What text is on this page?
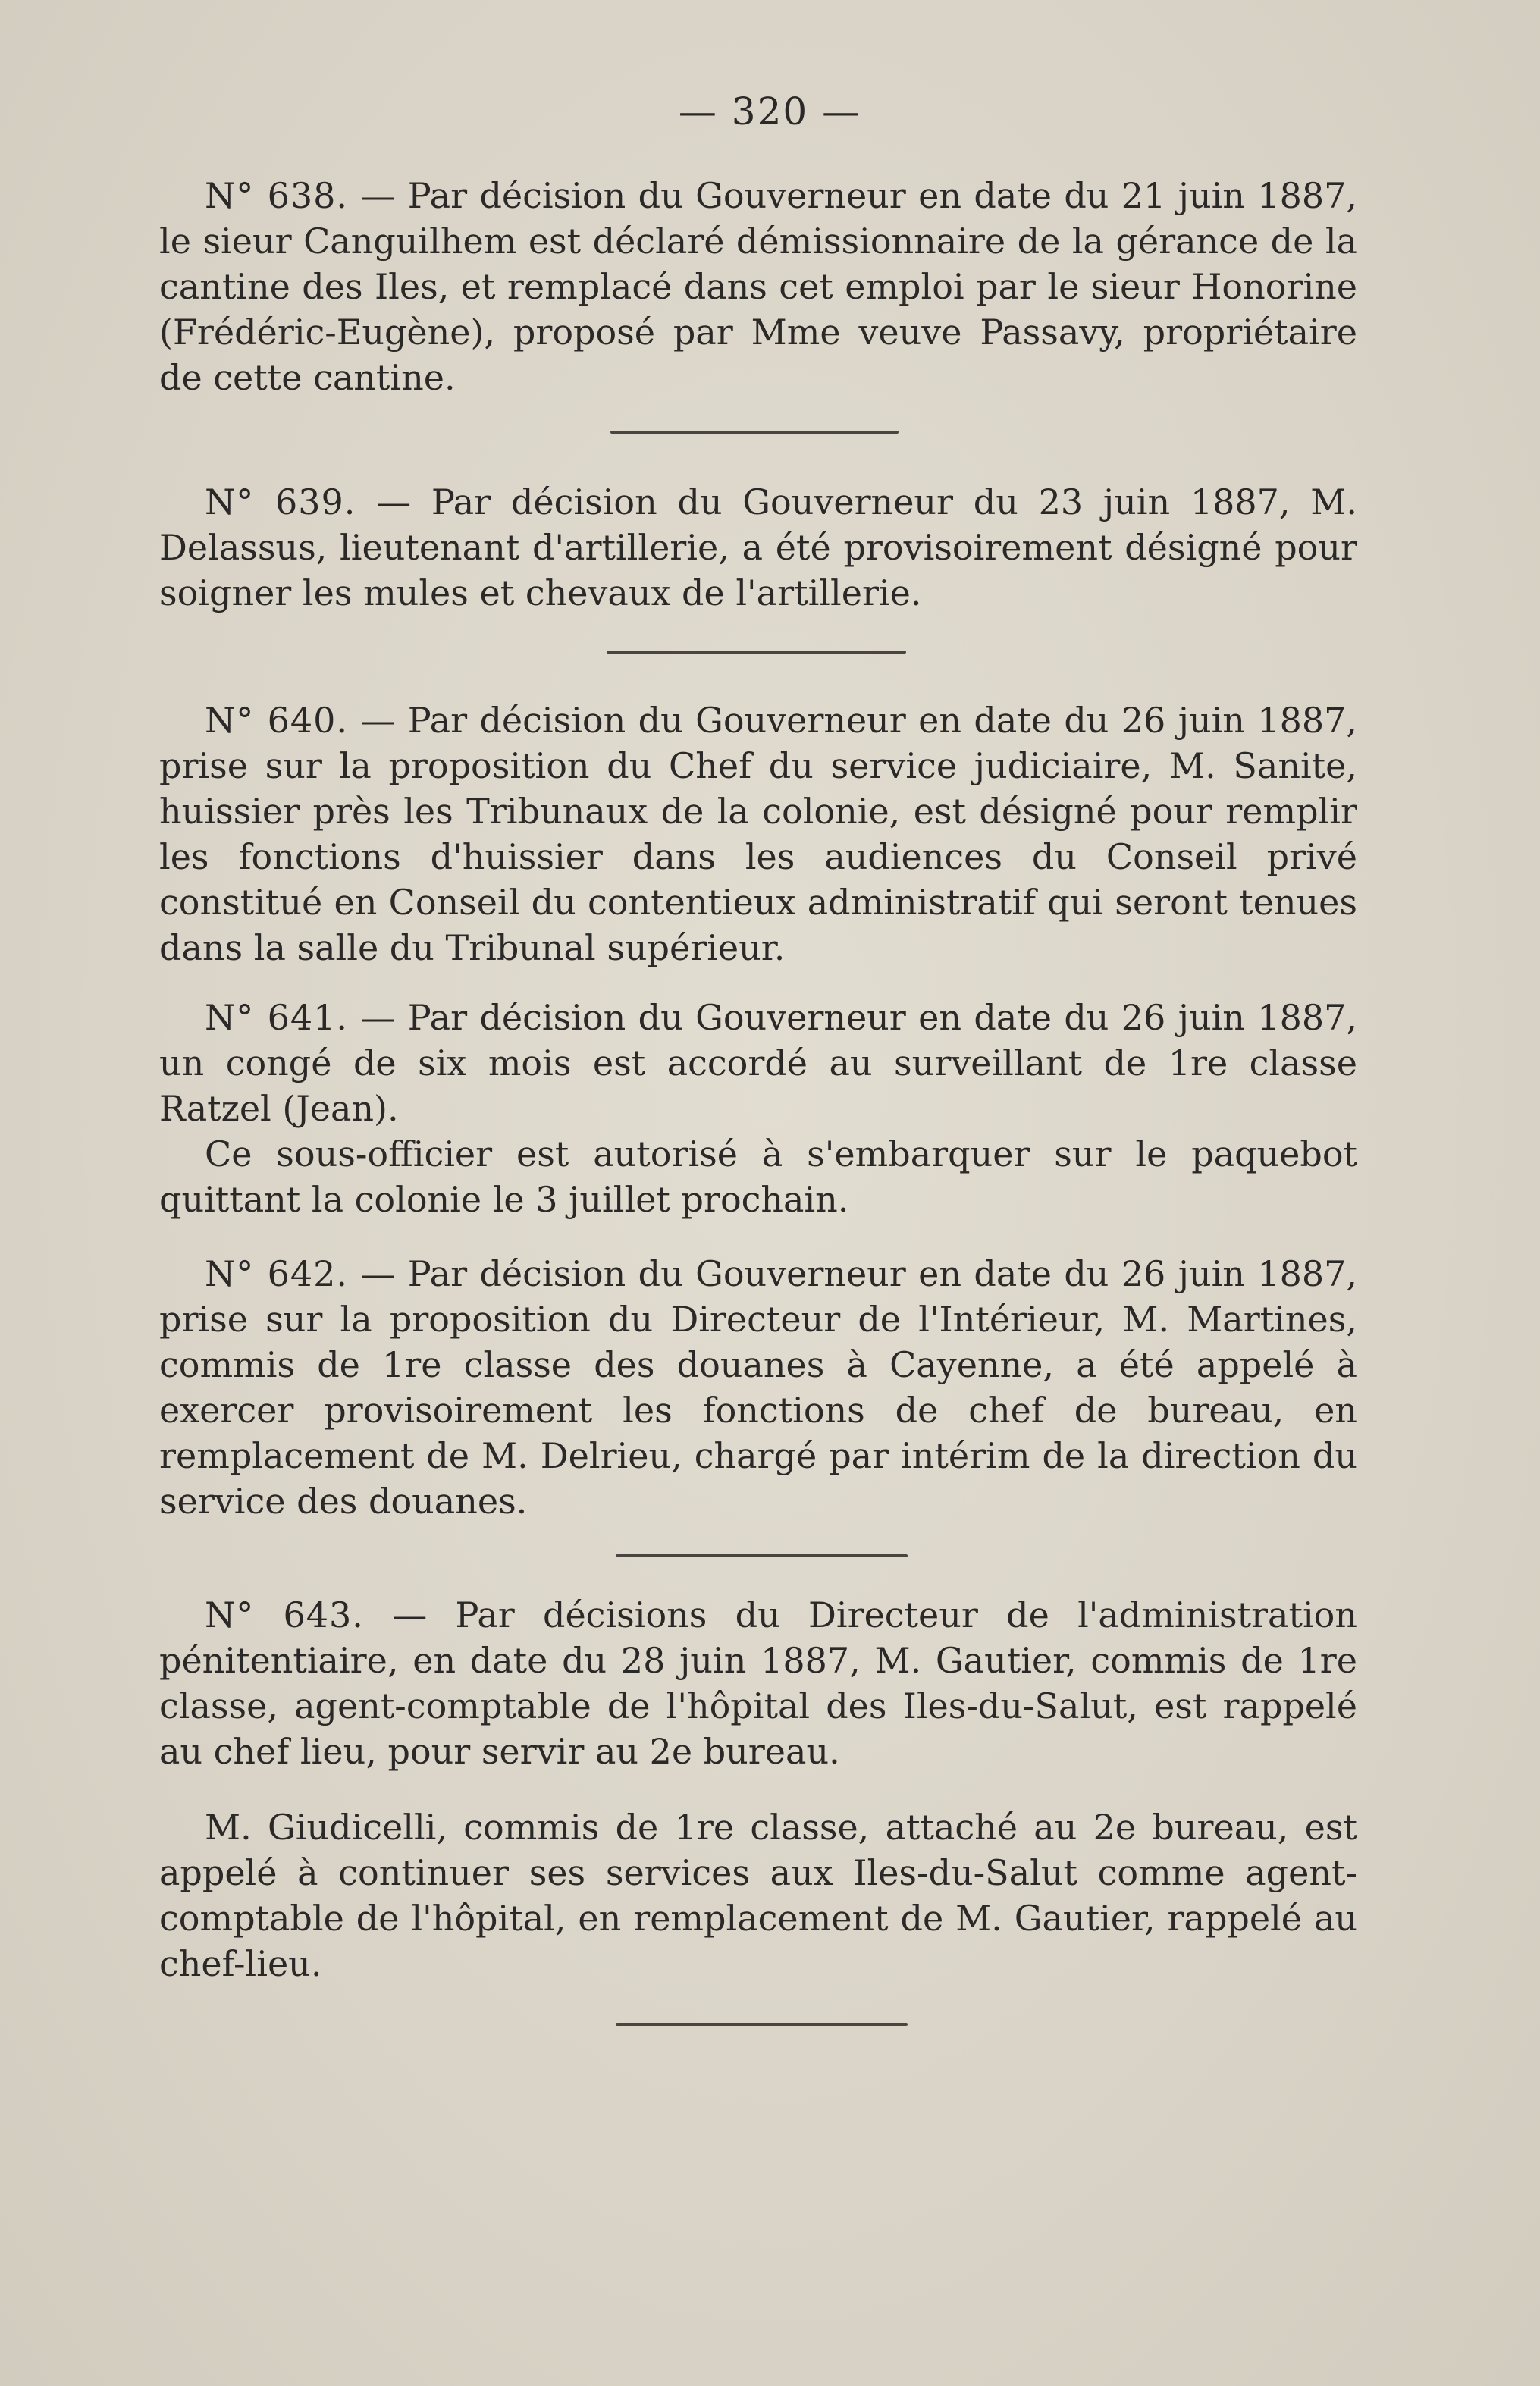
— 320 —

N° 638. — Par décision du Gouverneur en date du 21 juin 1887, le sieur Canguilhem est déclaré démissionnaire de la gérance de la cantine des Iles, et remplacé dans cet emploi par le sieur Honorine (Frédéric-Eugène), proposé par Mme veuve Passavy, propriétaire de cette cantine.

N° 639. — Par décision du Gouverneur du 23 juin 1887, M. Delassus, lieutenant d'artillerie, a été provisoirement désigné pour soigner les mules et chevaux de l'artillerie.

N° 640. — Par décision du Gouverneur en date du 26 juin 1887, prise sur la proposition du Chef du service judiciaire, M. Sanite, huissier près les Tribunaux de la colonie, est désigné pour remplir les fonctions d'huissier dans les audiences du Conseil privé constitué en Conseil du contentieux administratif qui seront tenues dans la salle du Tribunal supérieur.

N° 641. — Par décision du Gouverneur en date du 26 juin 1887, un congé de six mois est accordé au surveillant de 1re classe Ratzel (Jean).

Ce sous-officier est autorisé à s'embarquer sur le paquebot quittant la colonie le 3 juillet prochain.

N° 642. — Par décision du Gouverneur en date du 26 juin 1887, prise sur la proposition du Directeur de l'Intérieur, M. Martines, commis de 1re classe des douanes à Cayenne, a été appelé à exercer provisoirement les fonctions de chef de bureau, en remplacement de M. Delrieu, chargé par intérim de la direction du service des douanes.

N° 643. — Par décisions du Directeur de l'administration pénitentiaire, en date du 28 juin 1887, M. Gautier, commis de 1re classe, agent-comptable de l'hôpital des Iles-du-Salut, est rappelé au chef lieu, pour servir au 2e bureau.

M. Giudicelli, commis de 1re classe, attaché au 2e bureau, est appelé à continuer ses services aux Iles-du-Salut comme agent-comptable de l'hôpital, en remplacement de M. Gautier, rappelé au chef-lieu.
